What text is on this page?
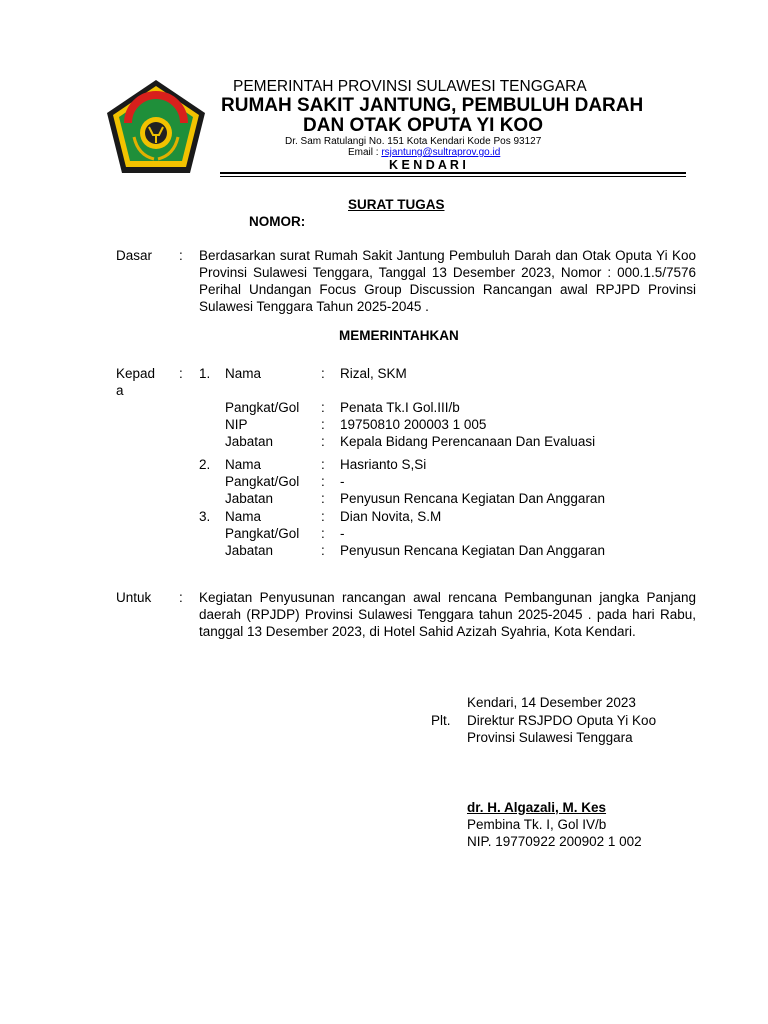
PEMERINTAH PROVINSI SULAWESI TENGGARA
RUMAH SAKIT JANTUNG, PEMBULUH DARAH
DAN OTAK OPUTA YI KOO
Dr. Sam Ratulangi No. 151 Kota Kendari Kode Pos 93127
Email : rsjantung@sultraprov.go.id
K E N D A R I
SURAT TUGAS
NOMOR:
Dasar : Berdasarkan surat Rumah Sakit Jantung Pembuluh Darah dan Otak Oputa Yi Koo Provinsi Sulawesi Tenggara, Tanggal 13 Desember 2023, Nomor : 000.1.5/7576 Perihal Undangan Focus Group Discussion Rancangan awal RPJPD Provinsi Sulawesi Tenggara Tahun 2025-2045 .
MEMERINTAHKAN
Kepad
a
: 1. Nama	: Rizal, SKM
Pangkat/Gol : Penata Tk.I Gol.III/b
NIP	: 19750810 200003 1 005
Jabatan	: Kepala Bidang Perencanaan Dan Evaluasi
2. Nama	: Hasrianto S,Si
Pangkat/Gol : -
Jabatan	: Penyusun Rencana Kegiatan Dan Anggaran
3. Nama	: Dian Novita, S.M
Pangkat/Gol : -
Jabatan	: Penyusun Rencana Kegiatan Dan Anggaran
Untuk : Kegiatan Penyusunan rancangan awal rencana Pembangunan jangka Panjang daerah (RPJDP) Provinsi Sulawesi Tenggara tahun 2025-2045 . pada hari Rabu, tanggal 13 Desember 2023, di Hotel Sahid Azizah Syahria, Kota Kendari.
Kendari, 14 Desember 2023
Plt. Direktur RSJPDO Oputa Yi Koo
Provinsi Sulawesi Tenggara
dr. H. Algazali, M. Kes
Pembina Tk. I, Gol IV/b
NIP. 19770922 200902 1 002
